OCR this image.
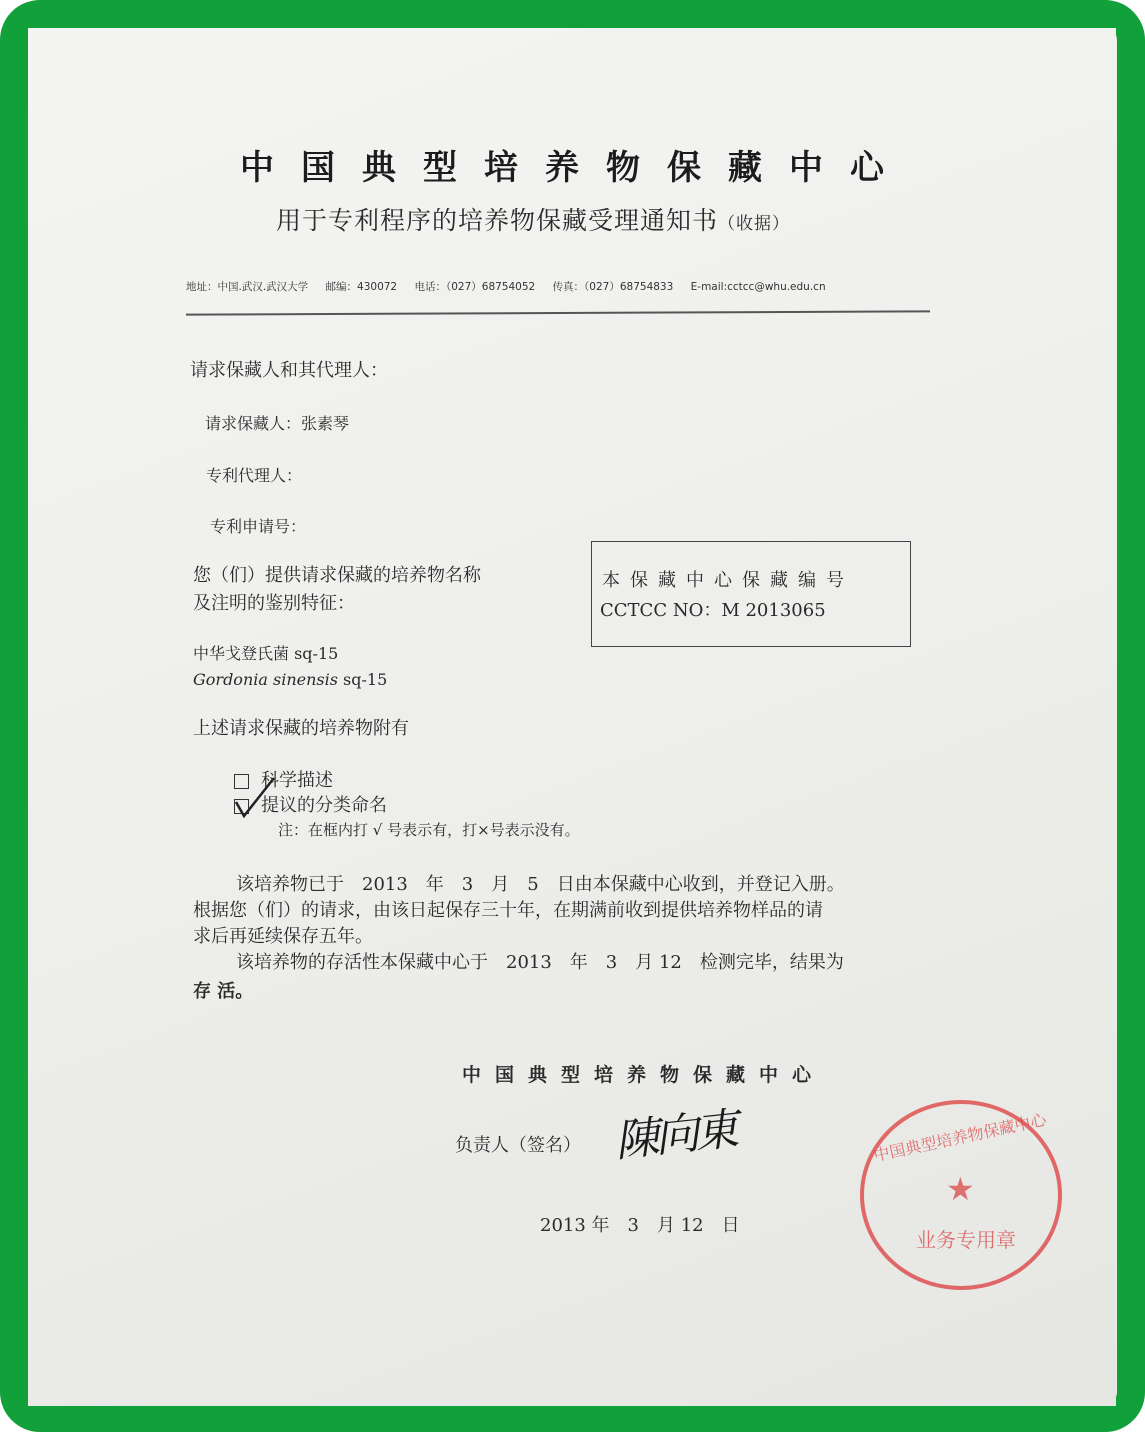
中国典型培养物保藏中心
用于专利程序的培养物保藏受理通知书（收据）
地址：中国.武汉.武汉大学 邮编：430072 电话：（027）68754052 传真：（027）68754833 E-mail:cctcc@whu.edu.cn
请求保藏人和其代理人：
请求保藏人：张素琴
专利代理人：
专利申请号：
您（们）提供请求保藏的培养物名称
及注明的鉴别特征：
中华戈登氏菌 sq-15
Gordonia sinensis sq-15
本保藏中心保藏编号
CCTCC NO：M 2013065
上述请求保藏的培养物附有
科学描述
提议的分类命名
注：在框内打 √ 号表示有，打×号表示没有。
该培养物已于　2013　年　3　月　5　日由本保藏中心收到，并登记入册。
根据您（们）的请求，由该日起保存三十年，在期满前收到提供培养物样品的请
求后再延续保存五年。
该培养物的存活性本保藏中心于　2013　年　3　月 12　检测完毕，结果为
存 活。
中国典型培养物保藏中心
★
业务专用章
中国典型培养物保藏中心
负责人（签名） 陳向東
2013 年　3　月 12　日
